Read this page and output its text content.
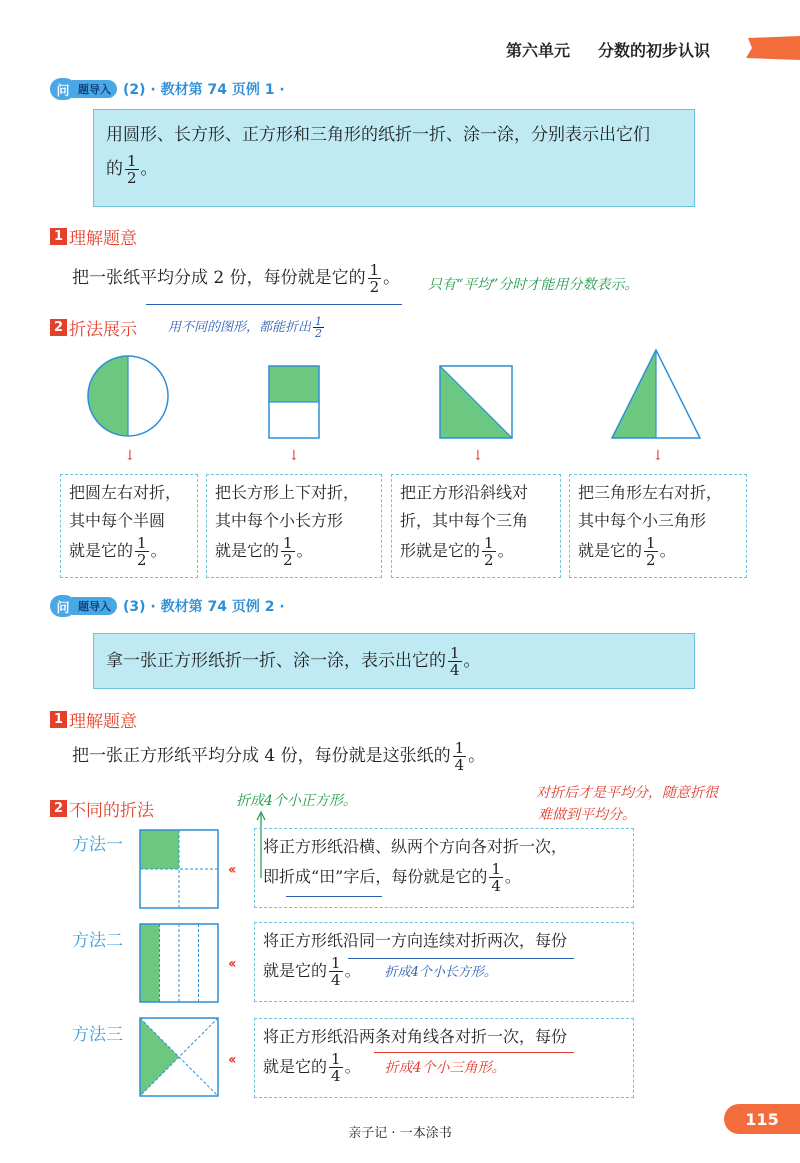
第六单元 分数的初步认识
问 题导入 (2) · 教材第 74 页例 1 ·
用圆形、长方形、正方形和三角形的纸折一折、涂一涂，分别表示出它们
的 $\frac{1}{2}$ 。
1 理解题意
把一张纸平均分成 2 份，每份就是它的 $\frac{1}{2}$ 。 只有“平均”分时才能用分数表示。
2 折法展示 用不同的图形，都能折出 $\frac{1}{2}$
↓	↓	↓	↓
把圆左右对折，
其中每个半圆
就是它的 $\frac{1}{2}$ 。
把长方形上下对折，
其中每个小长方形
就是它的 $\frac{1}{2}$ 。
把正方形沿斜线对
折，其中每个三角
形就是它的 $\frac{1}{2}$ 。
把三角形左右对折，
其中每个小三角形
就是它的 $\frac{1}{2}$ 。
问 题导入 (3) · 教材第 74 页例 2 ·
拿一张正方形纸折一折、涂一涂，表示出它的 $\frac{1}{4}$ 。
1 理解题意
把一张正方形纸平均分成 4 份，每份就是这张纸的 $\frac{1}{4}$ 。
2 不同的折法	折成4个小正方形。	对折后才是平均分，随意折很
难做到平均分。
方法一
‹‹
将正方形纸沿横、纵两个方向各对折一次，
即折成“田”字后，每份就是它的 $\frac{1}{4}$ 。
方法二
‹‹
将正方形纸沿同一方向连续对折两次，每份
就是它的 $\frac{1}{4}$ 。 折成4个小长方形。
方法三
‹‹
将正方形纸沿两条对角线各对折一次，每份
就是它的 $\frac{1}{4}$ 。 折成4个小三角形。
亲子记 · 一本涂书
115
